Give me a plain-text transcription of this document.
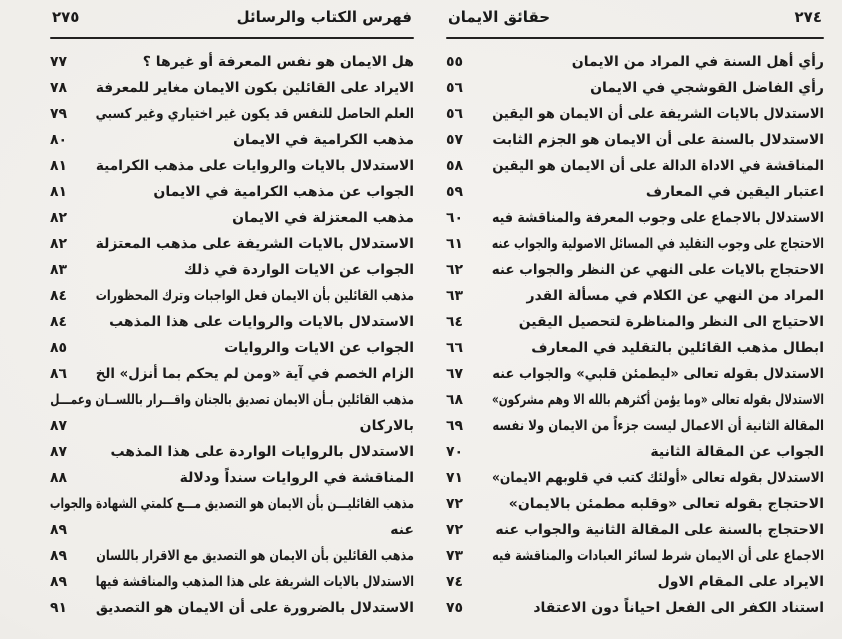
فهرس الكتاب والرسائل
٢٧٥
هل الايمان هو نفس المعرفة أو غيرها ؟
٧٧
الايراد على القائلين بكون الايمان مغاير للمعرفة
٧٨
العلم الحاصل للنفس قد يكون غير اختياري وغير كسبي
٧٩
مذهب الكرامية في الايمان
٨٠
الاستدلال بالايات والروايات على مذهب الكرامية
٨١
الجواب عن مذهب الكرامية في الايمان
٨١
مذهب المعتزلة في الايمان
٨٢
الاستدلال بالايات الشريفة على مذهب المعتزلة
٨٢
الجواب عن الايات الواردة في ذلك
٨٣
مذهب القائلين بأن الايمان فعل الواجبات وترك المحظورات
٨٤
الاستدلال بالايات والروايات على هذا المذهب
٨٤
الجواب عن الايات والروايات
٨٥
الزام الخصم في آية «ومن لم يحكم بما أنزل» الخ
٨٦
مذهب القائلين بـأن الايمان تصديق بالجنان واقـــرار باللســان وعمـــل
بالاركان
٨٧
الاستدلال بالروايات الواردة على هذا المذهب
٨٧
المناقشة في الروايات سنداً ودلالة
٨٨
مذهب القائليـــن بأن الايمان هو التصديق مـــع كلمتي الشهادة والجواب
عنه
٨٩
مذهب القائلين بأن الايمان هو التصديق مع الاقرار باللسان
٨٩
الاستدلال بالايات الشريفة على هذا المذهب والمناقشة فيها
٨٩
الاستدلال بالضرورة على أن الايمان هو التصديق
٩١
٢٧٤
حقائق الايمان
رأي أهل السنة في المراد من الايمان
٥٥
رأي الفاضل القوشجي في الايمان
٥٦
الاستدلال بالايات الشريفة على أن الايمان هو اليقين
٥٦
الاستدلال بالسنة على أن الايمان هو الجزم الثابت
٥٧
المناقشة في الاداة الدالة على أن الايمان هو اليقين
٥٨
اعتبار اليقين في المعارف
٥٩
الاستدلال بالاجماع على وجوب المعرفة والمناقشة فيه
٦٠
الاحتجاج على وجوب التقليد في المسائل الاصولية والجواب عنه
٦١
الاحتجاج بالايات على النهي عن النظر والجواب عنه
٦٢
المراد من النهي عن الكلام في مسألة القدر
٦٣
الاحتياج الى النظر والمناظرة لتحصيل اليقين
٦٤
ابطال مذهب القائلين بالتقليد في المعارف
٦٦
الاستدلال بقوله تعالى «ليطمئن قلبي» والجواب عنه
٦٧
الاستدلال بقوله تعالى «وما يؤمن أكثرهم بالله الا وهم مشركون»
٦٨
المقالة الثانية أن الاعمال ليست جزءاً من الايمان ولا نفسه
٦٩
الجواب عن المقالة الثانية
٧٠
الاستدلال بقوله تعالى «أولئك كتب في قلوبهم الايمان»
٧١
الاحتجاج بقوله تعالى «وقلبه مطمئن بالايمان»
٧٢
الاحتجاج بالسنة على المقالة الثانية والجواب عنه
٧٢
الاجماع على أن الايمان شرط لسائر العبادات والمناقشة فيه
٧٣
الايراد على المقام الاول
٧٤
استناد الكفر الى الفعل احياناً دون الاعتقاد
٧٥
